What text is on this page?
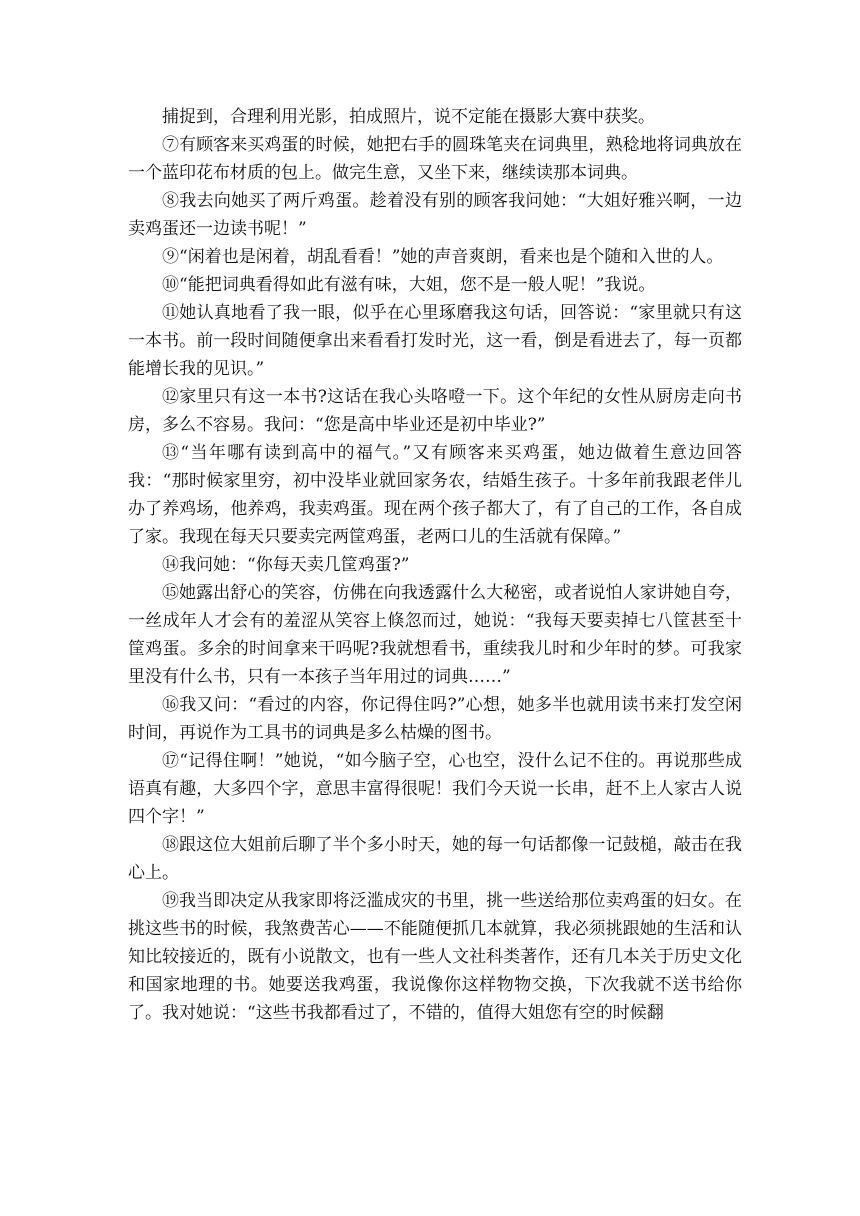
捕捉到，合理利用光影，拍成照片，说不定能在摄影大赛中获奖。

⑦有顾客来买鸡蛋的时候，她把右手的圆珠笔夹在词典里，熟稔地将词典放在一个蓝印花布材质的包上。做完生意，又坐下来，继续读那本词典。

⑧我去向她买了两斤鸡蛋。趁着没有别的顾客我问她：“大姐好雅兴啊，一边卖鸡蛋还一边读书呢！”

⑨“闲着也是闲着，胡乱看看！”她的声音爽朗，看来也是个随和入世的人。

⑩“能把词典看得如此有滋有味，大姐，您不是一般人呢！”我说。

⑪她认真地看了我一眼，似乎在心里琢磨我这句话，回答说：“家里就只有这一本书。前一段时间随便拿出来看看打发时光，这一看，倒是看进去了，每一页都能增长我的见识。”

⑫家里只有这一本书?这话在我心头咯噔一下。这个年纪的女性从厨房走向书房，多么不容易。我问：“您是高中毕业还是初中毕业?”

⑬“当年哪有读到高中的福气。”又有顾客来买鸡蛋，她边做着生意边回答我：“那时候家里穷，初中没毕业就回家务农，结婚生孩子。十多年前我跟老伴儿办了养鸡场，他养鸡，我卖鸡蛋。现在两个孩子都大了，有了自己的工作，各自成了家。我现在每天只要卖完两筐鸡蛋，老两口儿的生活就有保障。”

⑭我问她：“你每天卖几筐鸡蛋?”

⑮她露出舒心的笑容，仿佛在向我透露什么大秘密，或者说怕人家讲她自夸，一丝成年人才会有的羞涩从笑容上倏忽而过，她说：“我每天要卖掉七八筐甚至十筐鸡蛋。多余的时间拿来干吗呢?我就想看书，重续我儿时和少年时的梦。可我家里没有什么书，只有一本孩子当年用过的词典……”

⑯我又问：“看过的内容，你记得住吗?”心想，她多半也就用读书来打发空闲时间，再说作为工具书的词典是多么枯燥的图书。

⑰“记得住啊！”她说，“如今脑子空，心也空，没什么记不住的。再说那些成语真有趣，大多四个字，意思丰富得很呢！我们今天说一长串，赶不上人家古人说四个字！”

⑱跟这位大姐前后聊了半个多小时天，她的每一句话都像一记鼓槌，敲击在我心上。

⑲我当即决定从我家即将泛滥成灾的书里，挑一些送给那位卖鸡蛋的妇女。在挑这些书的时候，我煞费苦心——不能随便抓几本就算，我必须挑跟她的生活和认知比较接近的，既有小说散文，也有一些人文社科类著作，还有几本关于历史文化和国家地理的书。她要送我鸡蛋，我说像你这样物物交换，下次我就不送书给你了。我对她说：“这些书我都看过了，不错的，值得大姐您有空的时候翻
